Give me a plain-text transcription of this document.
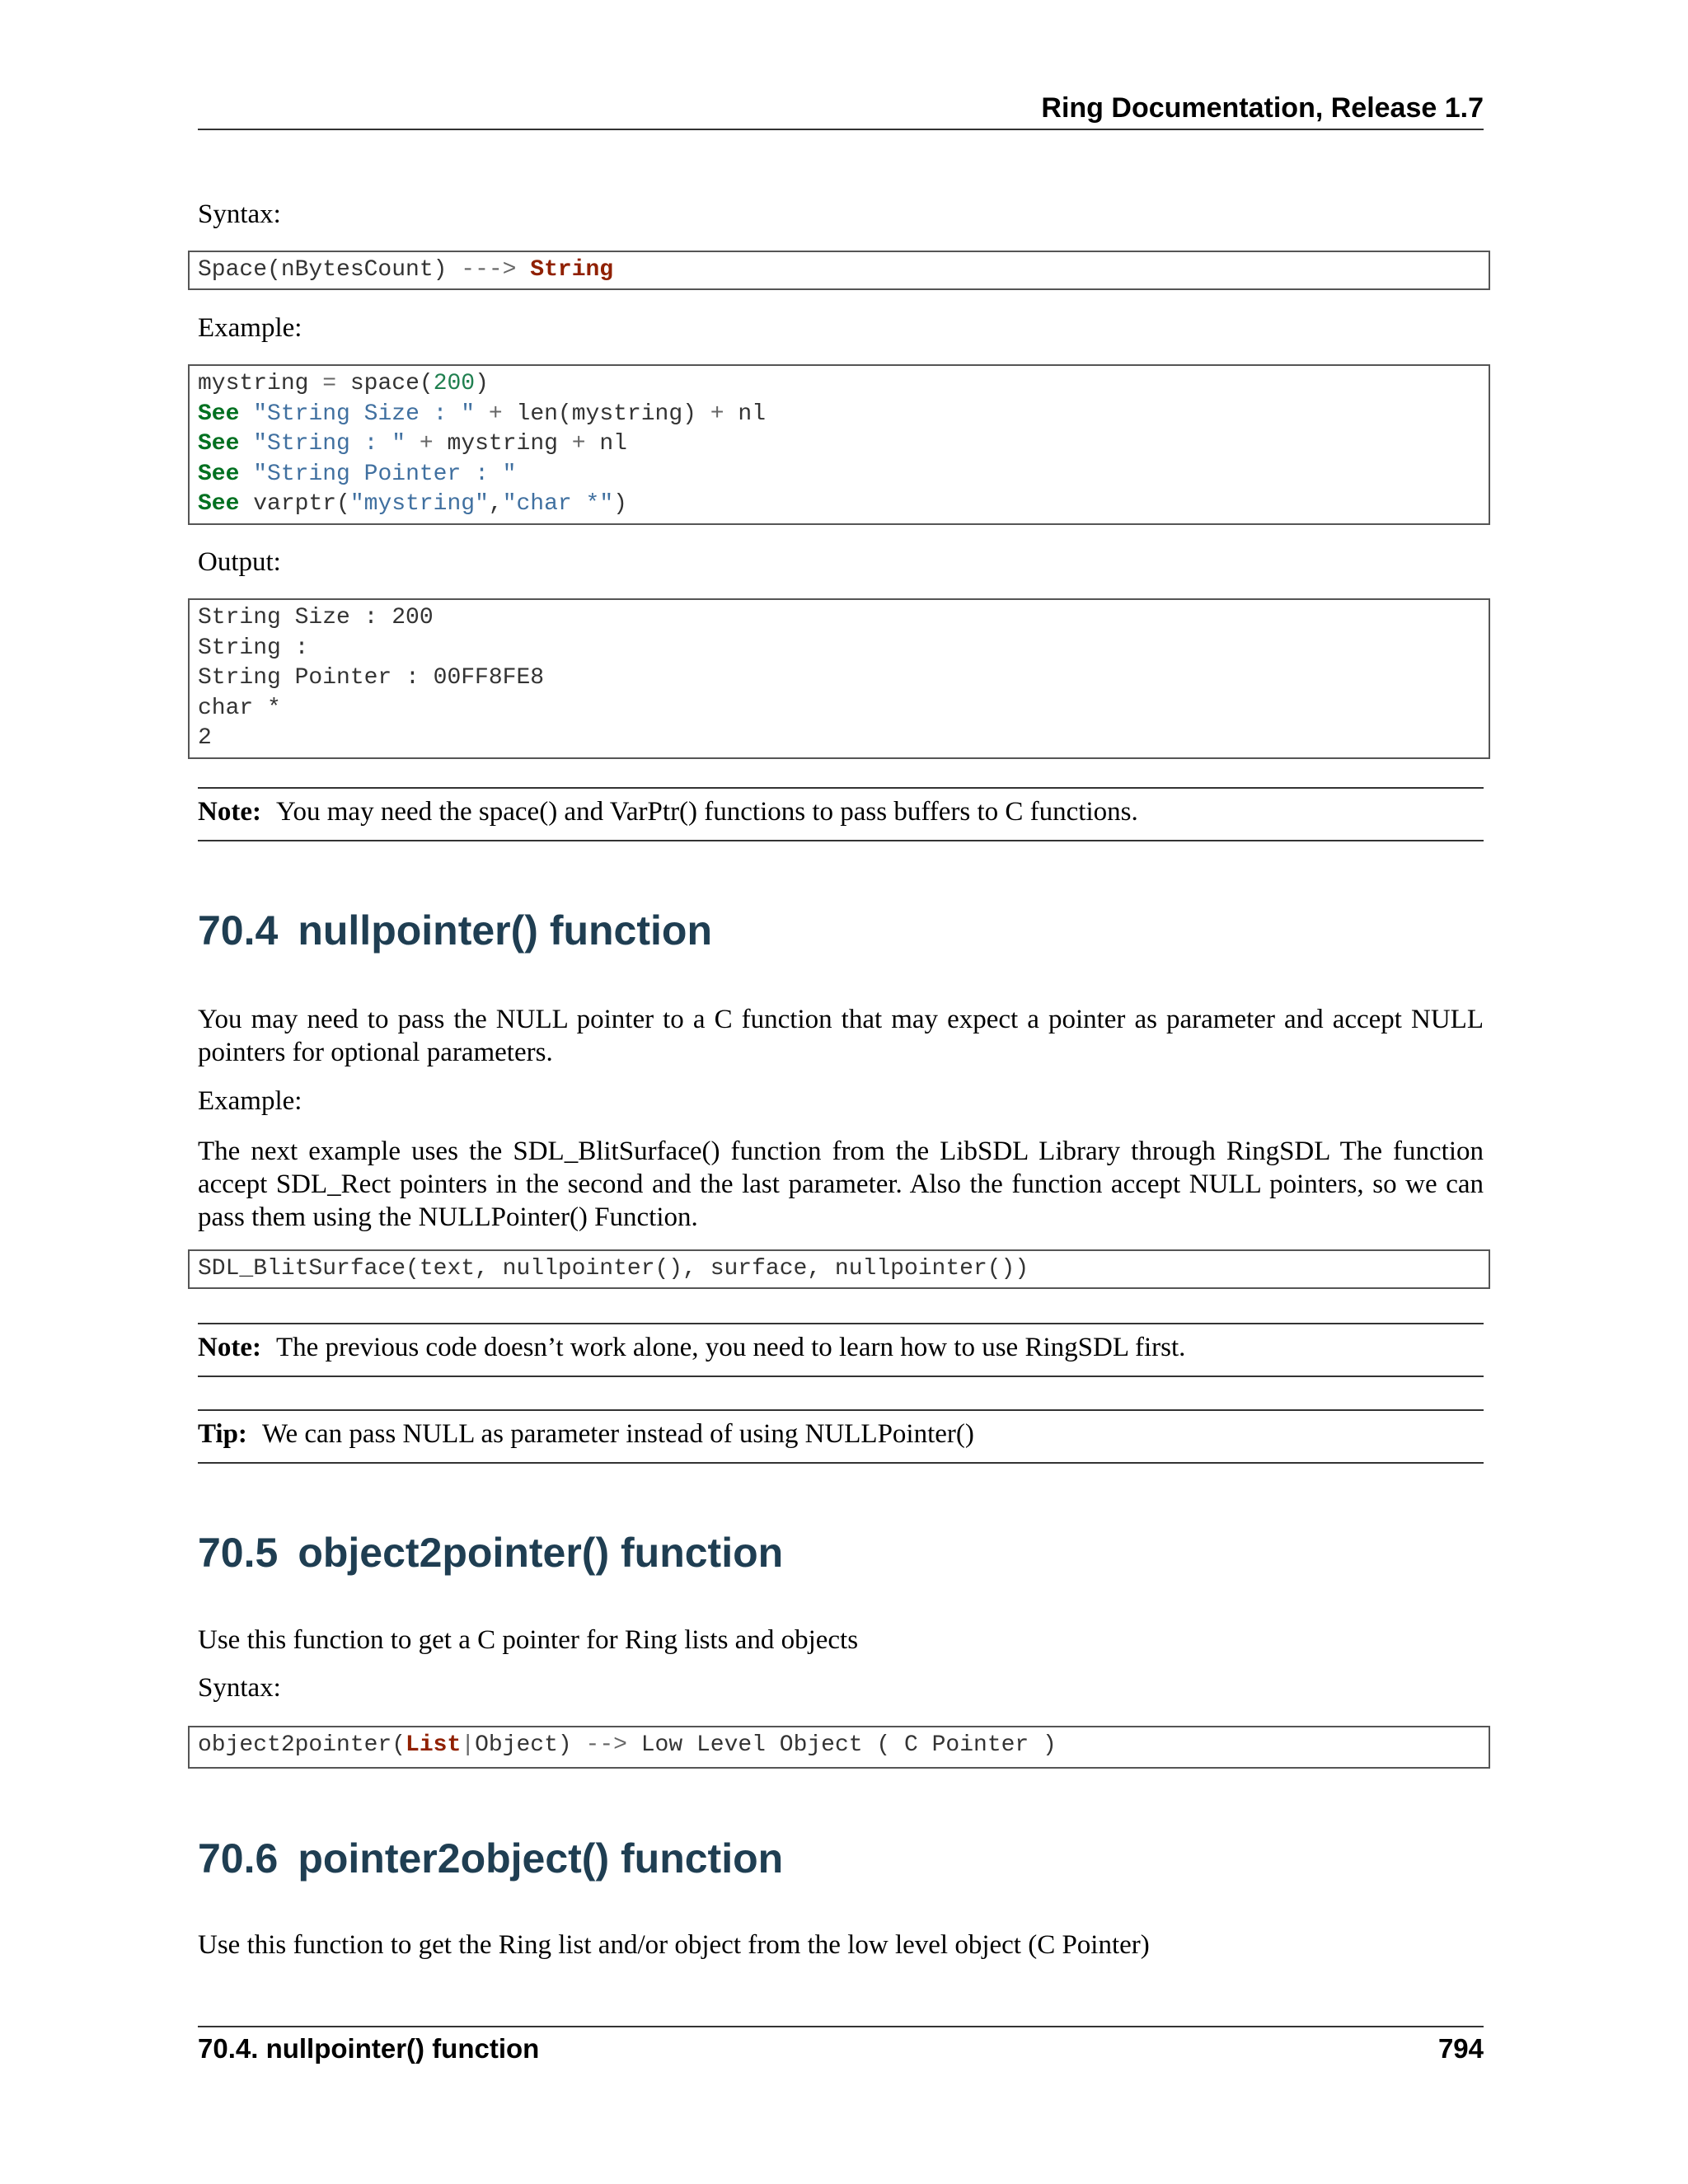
Ring Documentation, Release 1.7
Syntax:
Space(nBytesCount) ---> String
Example:
mystring = space(200)
See "String Size : " + len(mystring) + nl
See "String : " + mystring + nl
See "String Pointer : "
See varptr("mystring","char *")
Output:
String Size : 200
String :
String Pointer : 00FF8FE8
char *
2
Note: You may need the space() and VarPtr() functions to pass buffers to C functions.
70.4 nullpointer() function
You may need to pass the NULL pointer to a C function that may expect a pointer as parameter and accept NULL pointers for optional parameters.
Example:
The next example uses the SDL_BlitSurface() function from the LibSDL Library through RingSDL The function accept SDL_Rect pointers in the second and the last parameter. Also the function accept NULL pointers, so we can pass them using the NULLPointer() Function.
SDL_BlitSurface(text, nullpointer(), surface, nullpointer())
Note: The previous code doesn’t work alone, you need to learn how to use RingSDL first.
Tip: We can pass NULL as parameter instead of using NULLPointer()
70.5 object2pointer() function
Use this function to get a C pointer for Ring lists and objects
Syntax:
object2pointer(List|Object) --> Low Level Object ( C Pointer )
70.6 pointer2object() function
Use this function to get the Ring list and/or object from the low level object (C Pointer)
70.4. nullpointer() function	794
